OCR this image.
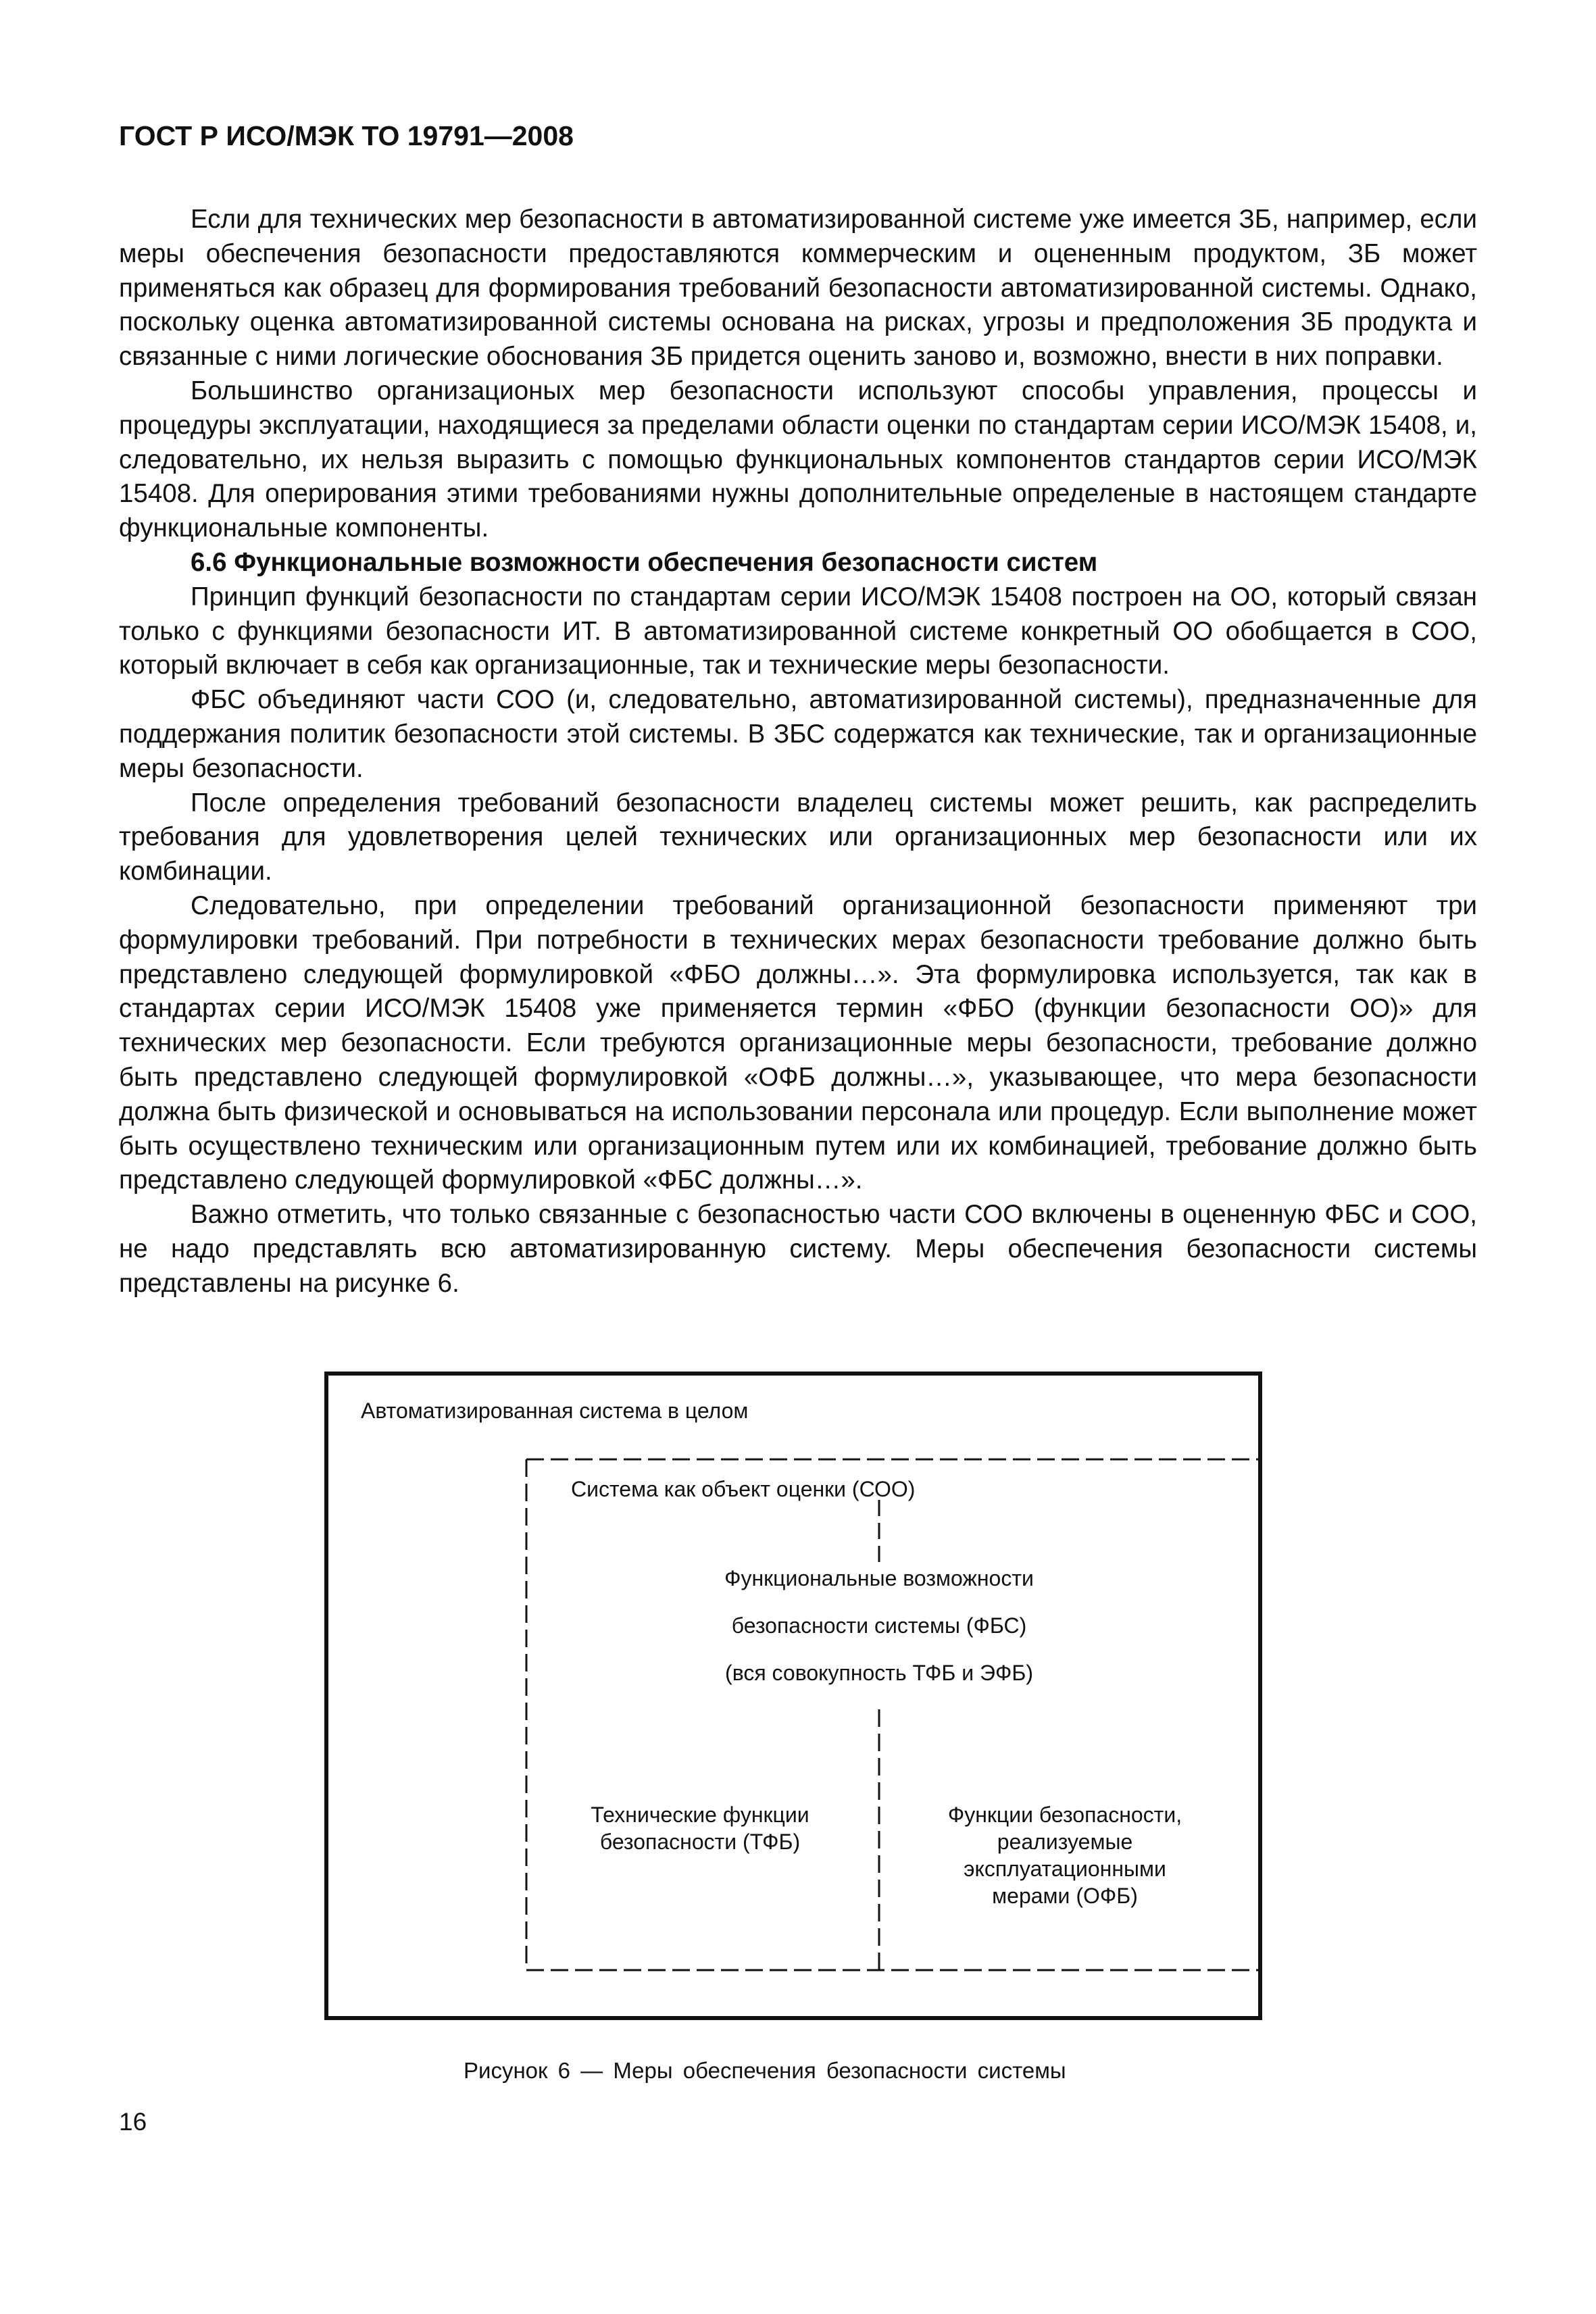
ГОСТ Р ИСО/МЭК ТО 19791—2008

Если для технических мер безопасности в автоматизированной системе уже имеется ЗБ, например, если меры обеспечения безопасности предоставляются коммерческим и оцененным продуктом, ЗБ может применяться как образец для формирования требований безопасности автоматизированной системы. Однако, поскольку оценка автоматизированной системы основана на рисках, угрозы и предположения ЗБ продукта и связанные с ними логические обоснования ЗБ придется оценить заново и, возможно, внести в них поправки.

Большинство организационых мер безопасности используют способы управления, процессы и процедуры эксплуатации, находящиеся за пределами области оценки по стандартам серии ИСО/МЭК 15408, и, следовательно, их нельзя выразить с помощью функциональных компонентов стандартов серии ИСО/МЭК 15408. Для оперирования этими требованиями нужны дополнительные определеные в настоящем стандарте функциональные компоненты.

6.6 Функциональные возможности обеспечения безопасности систем

Принцип функций безопасности по стандартам серии ИСО/МЭК 15408 построен на ОО, который связан только с функциями безопасности ИТ. В автоматизированной системе конкретный ОО обобщается в СОО, который включает в себя как организационные, так и технические меры безопасности.

ФБС объединяют части СОО (и, следовательно, автоматизированной системы), предназначенные для поддержания политик безопасности этой системы. В ЗБС содержатся как технические, так и организационные меры безопасности.

После определения требований безопасности владелец системы может решить, как распределить требования для удовлетворения целей технических или организационных мер безопасности или их комбинации.

Следовательно, при определении требований организационной безопасности применяют три формулировки требований. При потребности в технических мерах безопасности требование должно быть представлено следующей формулировкой «ФБО должны…». Эта формулировка используется, так как в стандартах серии ИСО/МЭК 15408 уже применяется термин «ФБО (функции безопасности ОО)» для технических мер безопасности. Если требуются организационные меры безопасности, требование должно быть представлено следующей формулировкой «ОФБ должны…», указывающее, что мера безопасности должна быть физической и основываться на использовании персонала или процедур. Если выполнение может быть осуществлено техническим или организационным путем или их комбинацией, требование должно быть представлено следующей формулировкой «ФБС должны…».

Важно отметить, что только связанные с безопасностью части СОО включены в оцененную ФБС и СОО, не надо представлять всю автоматизированную систему. Меры обеспечения безопасности системы представлены на рисунке 6.

Автоматизированная система в целом
Система как объект оценки (СОО)
Функциональные возможности
безопасности системы (ФБС)
(вся совокупность ТФБ и ЭФБ)
Технические функции
безопасности (ТФБ)
Функции безопасности,
реализуемые
эксплуатационными
мерами (ОФБ)
Рисунок 6 — Меры обеспечения безопасности системы
16
